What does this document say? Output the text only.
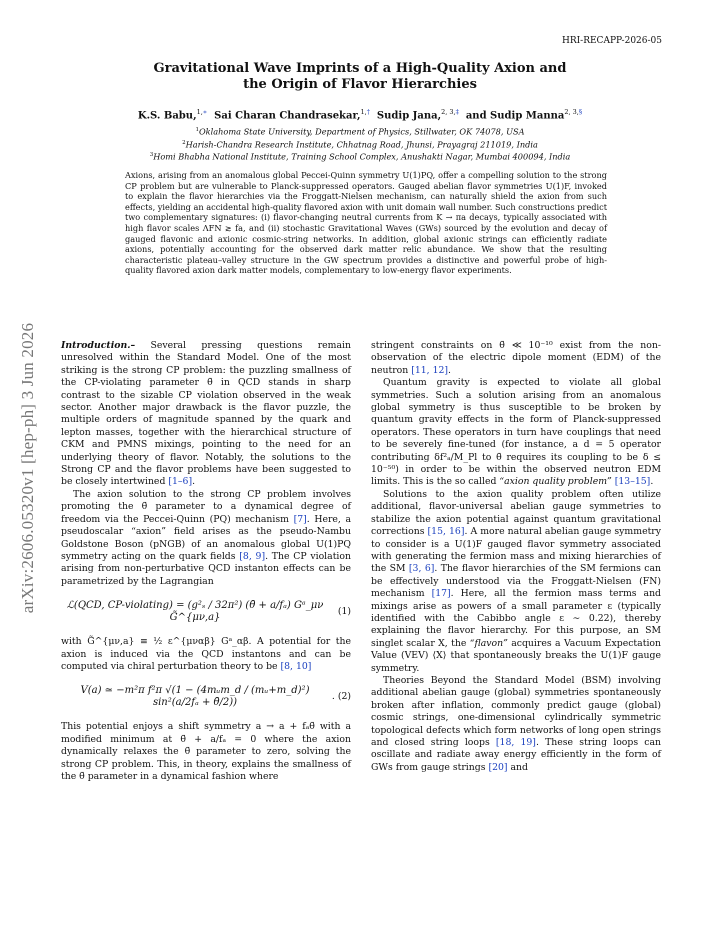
HRI-RECAPP-2026-05
arXiv:2606.05320v1 [hep-ph] 3 Jun 2026
Gravitational Wave Imprints of a High-Quality Axion and
the Origin of Flavor Hierarchies
K.S. Babu,$^{1,∗}$ Sai Charan Chandrasekar,$^{1,\dagger}$ Sudip Jana,$^{2, 3,\ddagger}$ and Sudip Manna$^{2, 3,\S}$
$^1$Oklahoma State University, Department of Physics, Stillwater, OK 74078, USA
$^2$Harish-Chandra Research Institute, Chhatnag Road, Jhunsi, Prayagraj 211019, India
$^3$Homi Bhabha National Institute, Training School Complex, Anushakti Nagar, Mumbai 400094, India
Axions, arising from an anomalous global Peccei-Quinn symmetry U(1)PQ, offer a compelling solution to the strong CP problem but are vulnerable to Planck-suppressed operators. Gauged abelian flavor symmetries U(1)F, invoked to explain the flavor hierarchies via the Froggatt-Nielsen mechanism, can naturally shield the axion from such effects, yielding an accidental high-quality flavored axion with unit domain wall number. Such constructions predict two complementary signatures: (i) flavor-changing neutral currents from K → πa decays, typically associated with high flavor scales ΛFN ≳ fa, and (ii) stochastic Gravitational Waves (GWs) sourced by the evolution and decay of gauged flavonic and axionic cosmic-string networks. In addition, global axionic strings can efficiently radiate axions, potentially accounting for the observed dark matter relic abundance. We show that the resulting characteristic plateau–valley structure in the GW spectrum provides a distinctive and powerful probe of high-quality flavored axion dark matter models, complementary to low-energy flavor experiments.

Introduction.– Several pressing questions remain unresolved within the Standard Model. One of the most striking is the strong CP problem: the puzzling smallness of the CP-violating parameter θ̄ in QCD stands in sharp contrast to the sizable CP violation observed in the weak sector. Another major drawback is the flavor puzzle, the multiple orders of magnitude spanned by the quark and lepton masses, together with the hierarchical structure of CKM and PMNS mixings, pointing to the need for an underlying theory of flavor. Notably, the solutions to the Strong CP and the flavor problems have been suggested to be closely intertwined [1–6].

The axion solution to the strong CP problem involves promoting the θ̄ parameter to a dynamical degree of freedom via the Peccei-Quinn (PQ) mechanism [7]. Here, a pseudoscalar “axion” field arises as the pseudo-Nambu Goldstone Boson (pNGB) of an anomalous global U(1)PQ symmetry acting on the quark fields [8, 9]. The CP violation arising from non-perturbative QCD instanton effects can be parametrized by the Lagrangian

ℒ(QCD, CP-violating) = (g²ₛ / 32π²) (θ̄ + a/fₐ) Gᵃ_μν G̃^{μν,a}
(1)

with G̃^{μν,a} ≡ ½ ε^{μναβ} Gᵃ_αβ. A potential for the axion is induced via the QCD instantons and can be computed via chiral perturbation theory to be [8, 10]

V(a) ≃ −m²π f²π √(1 − (4mᵤm_d / (mᵤ+m_d)²) sin²(a/2fₐ + θ̄/2))
. (2)

This potential enjoys a shift symmetry a → a + fₐθ̄ with a modified minimum at θ̄ + a/fₐ = 0 where the axion dynamically relaxes the θ̄ parameter to zero, solving the strong CP problem. This, in theory, explains the smallness of the θ̄ parameter in a dynamical fashion where

stringent constraints on θ̄ ≪ 10⁻¹⁰ exist from the non-observation of the electric dipole moment (EDM) of the neutron [11, 12].

Quantum gravity is expected to violate all global symmetries. Such a solution arising from an anomalous global symmetry is thus susceptible to be broken by quantum gravity effects in the form of Planck-suppressed operators. These operators in turn have couplings that need to be severely fine-tuned (for instance, a d = 5 operator contributing δf²ₐ/M_Pl to θ̄ requires its coupling to be δ ≤ 10⁻⁵⁰) in order to be within the observed neutron EDM limits. This is the so called “axion quality problem” [13–15].

Solutions to the axion quality problem often utilize additional, flavor-universal abelian gauge symmetries to stabilize the axion potential against quantum gravitational corrections [15, 16]. A more natural abelian gauge symmetry to consider is a U(1)F gauged flavor symmetry associated with generating the fermion mass and mixing hierarchies of the SM [3, 6]. The flavor hierarchies of the SM fermions can be effectively understood via the Froggatt-Nielsen (FN) mechanism [17]. Here, all the fermion mass terms and mixings arise as powers of a small parameter ε (typically identified with the Cabibbo angle ε ∼ 0.22), thereby explaining the flavor hierarchy. For this purpose, an SM singlet scalar X, the “flavon” acquires a Vacuum Expectation Value (VEV) ⟨X⟩ that spontaneously breaks the U(1)F gauge symmetry.

Theories Beyond the Standard Model (BSM) involving additional abelian gauge (global) symmetries spontaneously broken after inflation, commonly predict gauge (global) cosmic strings, one-dimensional cylindrically symmetric topological defects which form networks of long open strings and closed string loops [18, 19]. These string loops can oscillate and radiate away energy efficiently in the form of GWs from gauge strings [20] and
